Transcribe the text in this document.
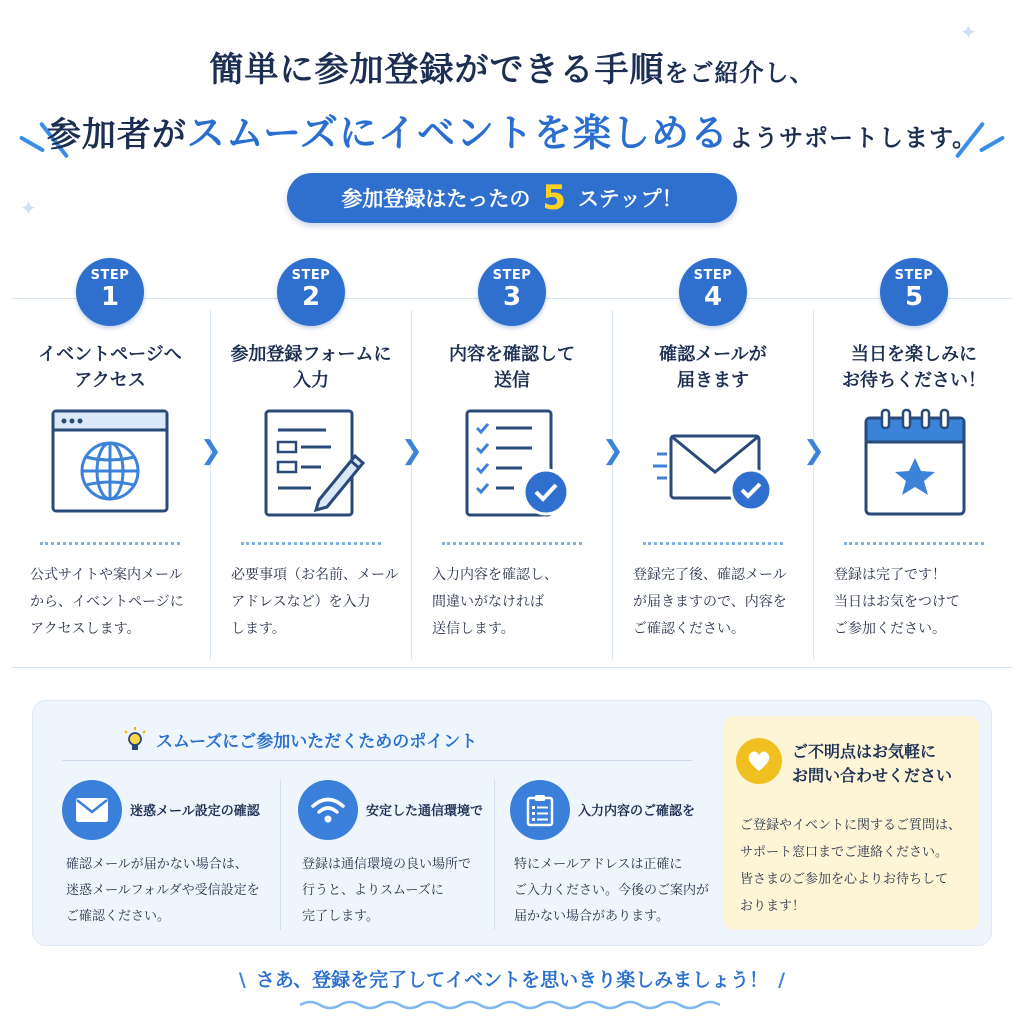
✦
✦
簡単に参加登録ができる手順をご紹介し、
参加者がスムーズにイベントを楽しめるようサポートします。
参加登録はたったの 5 ステップ！
STEP
1
イベントページへ
アクセス
公式サイトや案内メール
から、イベントページに
アクセスします。
STEP
2
参加登録フォームに
入力
必要事項（お名前、メール
アドレスなど）を入力
します。
STEP
3
内容を確認して
送信
入力内容を確認し、
間違いがなければ
送信します。
STEP
4
確認メールが
届きます
登録完了後、確認メール
が届きますので、内容を
ご確認ください。
STEP
5
当日を楽しみに
お待ちください！
登録は完了です！
当日はお気をつけて
ご参加ください。
❯	❯	❯	❯
スムーズにご参加いただくためのポイント
迷惑メール設定の確認
確認メールが届かない場合は、
迷惑メールフォルダや受信設定を
ご確認ください。
安定した通信環境で
登録は通信環境の良い場所で
行うと、よりスムーズに
完了します。
入力内容のご確認を
特にメールアドレスは正確に
ご入力ください。今後のご案内が
届かない場合があります。
ご不明点はお気軽に
お問い合わせください
ご登録やイベントに関するご質問は、
サポート窓口までご連絡ください。
皆さまのご参加を心よりお待ちして
おります！
\ さあ、登録を完了してイベントを思いきり楽しみましょう！ /
